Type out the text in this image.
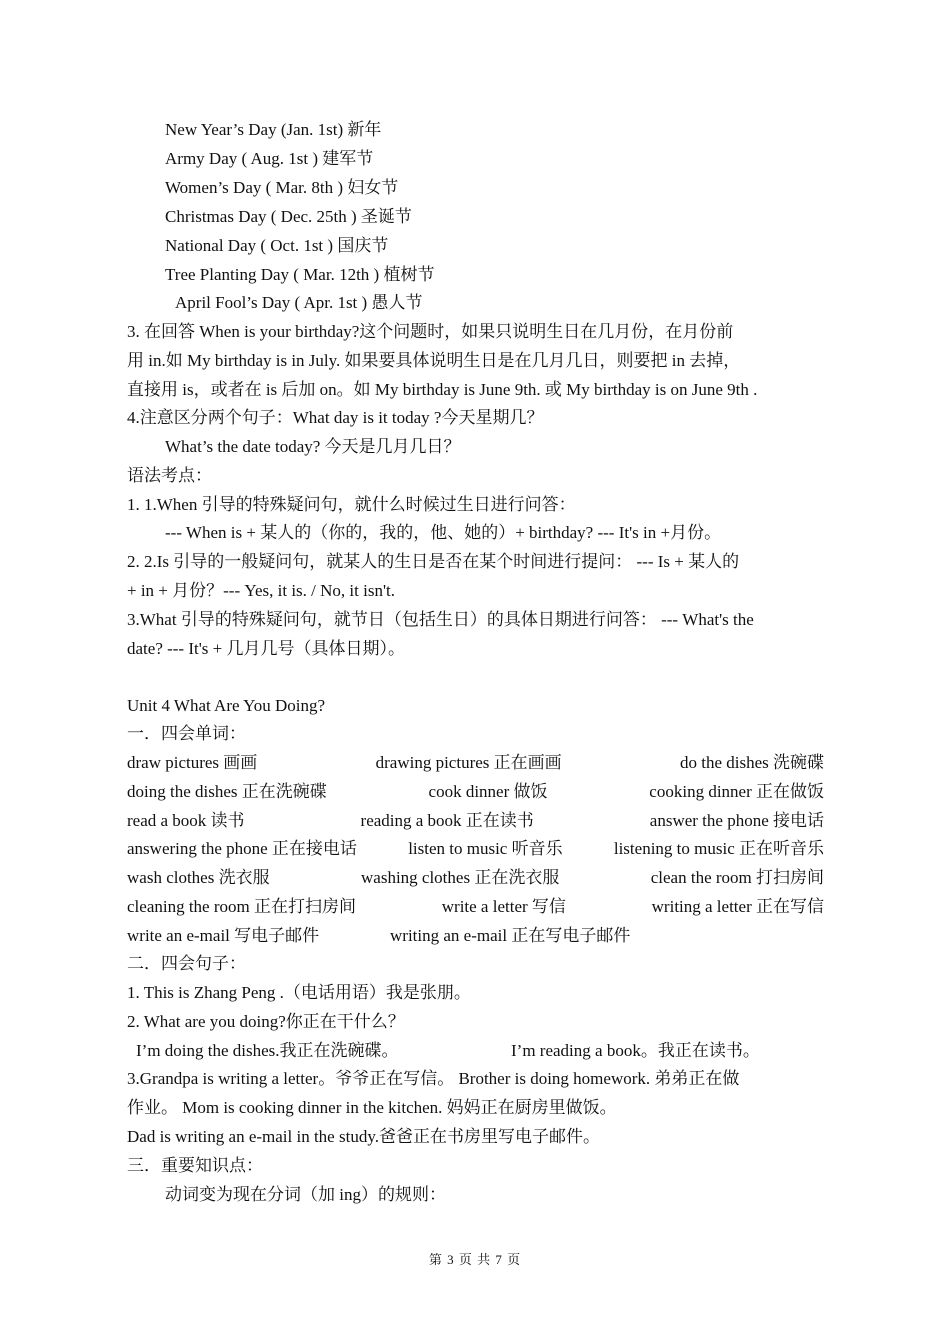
New Year’s Day (Jan. 1st) 新年
Army Day ( Aug. 1st ) 建军节
Women’s Day ( Mar. 8th ) 妇女节
Christmas Day ( Dec. 25th ) 圣诞节
National Day ( Oct. 1st ) 国庆节
Tree Planting Day ( Mar. 12th ) 植树节
April Fool’s Day ( Apr. 1st ) 愚人节
3. 在回答 When is your birthday?这个问题时，如果只说明生日在几月份，在月份前
用 in.如 My birthday is in July. 如果要具体说明生日是在几月几日，则要把 in 去掉，
直接用 is，或者在 is 后加 on。如 My birthday is June 9th. 或 My birthday is on June 9th .
4.注意区分两个句子：What day is it today ?今天星期几？
What’s the date today? 今天是几月几日？
语法考点：
1. 1.When 引导的特殊疑问句，就什么时候过生日进行问答：
--- When is + 某人的（你的，我的，他、她的）+ birthday? --- It's in +月份。
2. 2.Is 引导的一般疑问句，就某人的生日是否在某个时间进行提问： --- Is + 某人的
+ in + 月份？--- Yes, it is. / No, it isn't.
3.What 引导的特殊疑问句，就节日（包括生日）的具体日期进行问答： --- What's the
date? --- It's + 几月几号（具体日期）。
Unit 4 What Are You Doing?
一．四会单词：
draw pictures 画画	drawing pictures 正在画画	do the dishes 洗碗碟
doing the dishes 正在洗碗碟	cook dinner 做饭	cooking dinner 正在做饭
read a book 读书	reading a book 正在读书	answer the phone 接电话
answering the phone 正在接电话	listen to music 听音乐	listening to music 正在听音乐
wash clothes 洗衣服	washing clothes 正在洗衣服	clean the room 打扫房间
cleaning the room 正在打扫房间	write a letter 写信	writing a letter 正在写信
write an e-mail 写电子邮件	writing an e-mail 正在写电子邮件
二．四会句子：
1. This is Zhang Peng .（电话用语）我是张朋。
2. What are you doing?你正在干什么？
I’m doing the dishes.我正在洗碗碟。	I’m reading a book。我正在读书。
3.Grandpa is writing a letter。爷爷正在写信。 Brother is doing homework. 弟弟正在做
作业。 Mom is cooking dinner in the kitchen. 妈妈正在厨房里做饭。
Dad is writing an e-mail in the study.爸爸正在书房里写电子邮件。
三．重要知识点：
动词变为现在分词（加 ing）的规则：
第 3 页 共 7 页
